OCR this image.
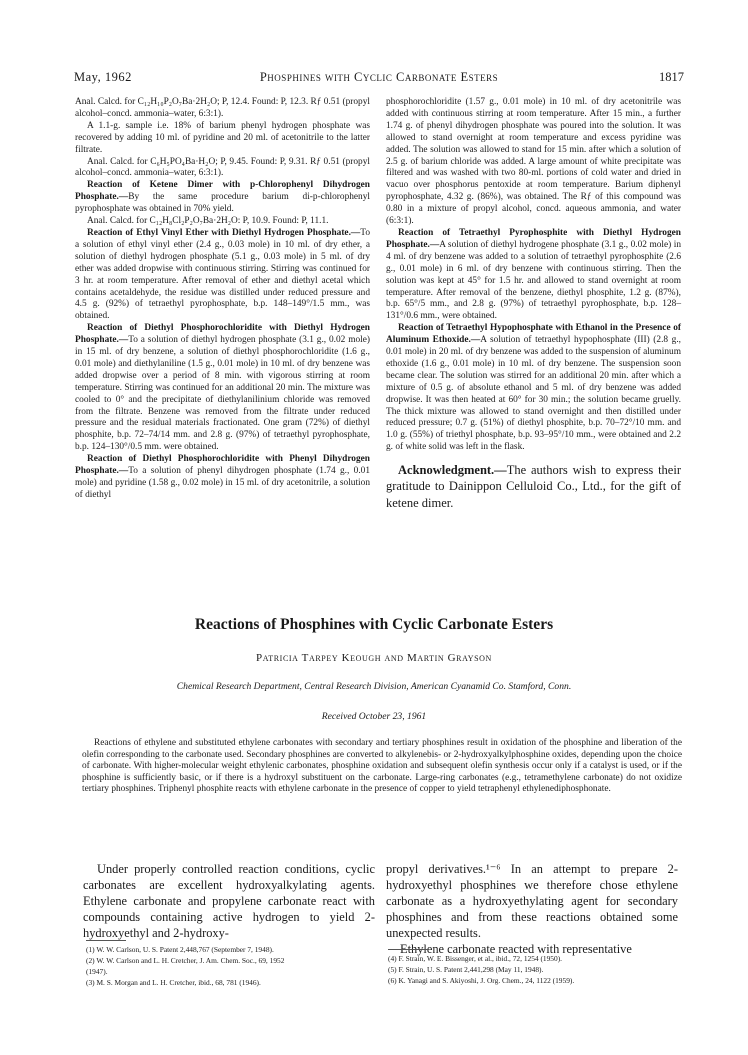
May, 1962	Phosphines with Cyclic Carbonate Esters	1817

Anal. Calcd. for C₁₂H₁₀P₂O₇Ba·2H₂O; P, 12.4. Found: P, 12.3. Rƒ 0.51 (propyl alcohol–concd. ammonia–water, 6:3:1).

A 1.1-g. sample i.e. 18% of barium phenyl hydrogen phosphate was recovered by adding 10 ml. of pyridine and 20 ml. of acetonitrile to the latter filtrate.

Anal. Calcd. for C₆H₅PO₄Ba·H₂O; P, 9.45. Found: P, 9.31. Rƒ 0.51 (propyl alcohol–concd. ammonia–water, 6:3:1).

Reaction of Ketene Dimer with p-Chlorophenyl Dihydrogen Phosphate.—By the same procedure barium di-p-chlorophenyl pyrophosphate was obtained in 70% yield.

Anal. Calcd. for C₁₂H₈Cl₂P₂O₇Ba·2H₂O: P, 10.9. Found: P, 11.1.

Reaction of Ethyl Vinyl Ether with Diethyl Hydrogen Phosphate.—To a solution of ethyl vinyl ether (2.4 g., 0.03 mole) in 10 ml. of dry ether, a solution of diethyl hydrogen phosphate (5.1 g., 0.03 mole) in 5 ml. of dry ether was added dropwise with continuous stirring. Stirring was continued for 3 hr. at room temperature. After removal of ether and diethyl acetal which contains acetaldehyde, the residue was distilled under reduced pressure and 4.5 g. (92%) of tetraethyl pyrophosphate, b.p. 148–149°/1.5 mm., was obtained.

Reaction of Diethyl Phosphorochloridite with Diethyl Hydrogen Phosphate.—To a solution of diethyl hydrogen phosphate (3.1 g., 0.02 mole) in 15 ml. of dry benzene, a solution of diethyl phosphorochloridite (1.6 g., 0.01 mole) and diethylaniline (1.5 g., 0.01 mole) in 10 ml. of dry benzene was added dropwise over a period of 8 min. with vigorous stirring at room temperature. Stirring was continued for an additional 20 min. The mixture was cooled to 0° and the precipitate of diethylanilinium chloride was removed from the filtrate. Benzene was removed from the filtrate under reduced pressure and the residual materials fractionated. One gram (72%) of diethyl phosphite, b.p. 72–74/14 mm. and 2.8 g. (97%) of tetraethyl pyrophosphate, b.p. 124–130°/0.5 mm. were obtained.

Reaction of Diethyl Phosphorochloridite with Phenyl Dihydrogen Phosphate.—To a solution of phenyl dihydrogen phosphate (1.74 g., 0.01 mole) and pyridine (1.58 g., 0.02 mole) in 15 ml. of dry acetonitrile, a solution of diethyl

phosphorochloridite (1.57 g., 0.01 mole) in 10 ml. of dry acetonitrile was added with continuous stirring at room temperature. After 15 min., a further 1.74 g. of phenyl dihydrogen phosphate was poured into the solution. It was allowed to stand overnight at room temperature and excess pyridine was added. The solution was allowed to stand for 15 min. after which a solution of 2.5 g. of barium chloride was added. A large amount of white precipitate was filtered and was washed with two 80-ml. portions of cold water and dried in vacuo over phosphorus pentoxide at room temperature. Barium diphenyl pyrophosphate, 4.32 g. (86%), was obtained. The Rƒ of this compound was 0.80 in a mixture of propyl alcohol, concd. aqueous ammonia, and water (6:3:1).

Reaction of Tetraethyl Pyrophosphite with Diethyl Hydrogen Phosphate.—A solution of diethyl hydrogene phosphate (3.1 g., 0.02 mole) in 4 ml. of dry benzene was added to a solution of tetraethyl pyrophosphite (2.6 g., 0.01 mole) in 6 ml. of dry benzene with continuous stirring. Then the solution was kept at 45° for 1.5 hr. and allowed to stand overnight at room temperature. After removal of the benzene, diethyl phosphite, 1.2 g. (87%), b.p. 65°/5 mm., and 2.8 g. (97%) of tetraethyl pyrophosphate, b.p. 128–131°/0.6 mm., were obtained.

Reaction of Tetraethyl Hypophosphate with Ethanol in the Presence of Aluminum Ethoxide.—A solution of tetraethyl hypophosphate (III) (2.8 g., 0.01 mole) in 20 ml. of dry benzene was added to the suspension of aluminum ethoxide (1.6 g., 0.01 mole) in 10 ml. of dry benzene. The suspension soon became clear. The solution was stirred for an additional 20 min. after which a mixture of 0.5 g. of absolute ethanol and 5 ml. of dry benzene was added dropwise. It was then heated at 60° for 30 min.; the solution became gruelly. The thick mixture was allowed to stand overnight and then distilled under reduced pressure; 0.7 g. (51%) of diethyl phosphite, b.p. 70–72°/10 mm. and 1.0 g. (55%) of triethyl phosphate, b.p. 93–95°/10 mm., were obtained and 2.2 g. of white solid was left in the flask.

Acknowledgment.—The authors wish to express their gratitude to Dainippon Celluloid Co., Ltd., for the gift of ketene dimer.

Reactions of Phosphines with Cyclic Carbonate Esters
Patricia Tarpey Keough and Martin Grayson
Chemical Research Department, Central Research Division, American Cyanamid Co. Stamford, Conn.
Received October 23, 1961

Reactions of ethylene and substituted ethylene carbonates with secondary and tertiary phosphines result in oxidation of the phosphine and liberation of the olefin corresponding to the carbonate used. Secondary phosphines are converted to alkylenebis- or 2-hydroxyalkylphosphine oxides, depending upon the choice of carbonate. With higher-molecular weight ethylenic carbonates, phosphine oxidation and subsequent olefin synthesis occur only if a catalyst is used, or if the phosphine is sufficiently basic, or if there is a hydroxyl substituent on the carbonate. Large-ring carbonates (e.g., tetramethylene carbonate) do not oxidize tertiary phosphines. Triphenyl phosphite reacts with ethylene carbonate in the presence of copper to yield tetraphenyl ethylenediphosphonate.

Under properly controlled reaction conditions, cyclic carbonates are excellent hydroxyalkylating agents. Ethylene carbonate and propylene carbonate react with compounds containing active hydrogen to yield 2-hydroxyethyl and 2-hydroxy-

propyl derivatives.¹⁻⁶ In an attempt to prepare 2-hydroxyethyl phosphines we therefore chose ethylene carbonate as a hydroxyethylating agent for secondary phosphines and from these reactions obtained some unexpected results.

Ethylene carbonate reacted with representative

(1) W. W. Carlson, U. S. Patent 2,448,767 (September 7, 1948).
(2) W. W. Carlson and L. H. Cretcher, J. Am. Chem. Soc., 69, 1952
(1947).
(3) M. S. Morgan and L. H. Cretcher, ibid., 68, 781 (1946).
(4) F. Strain, W. E. Bissenger, et al., ibid., 72, 1254 (1950).
(5) F. Strain, U. S. Patent 2,441,298 (May 11, 1948).
(6) K. Yanagi and S. Akiyoshi, J. Org. Chem., 24, 1122 (1959).
